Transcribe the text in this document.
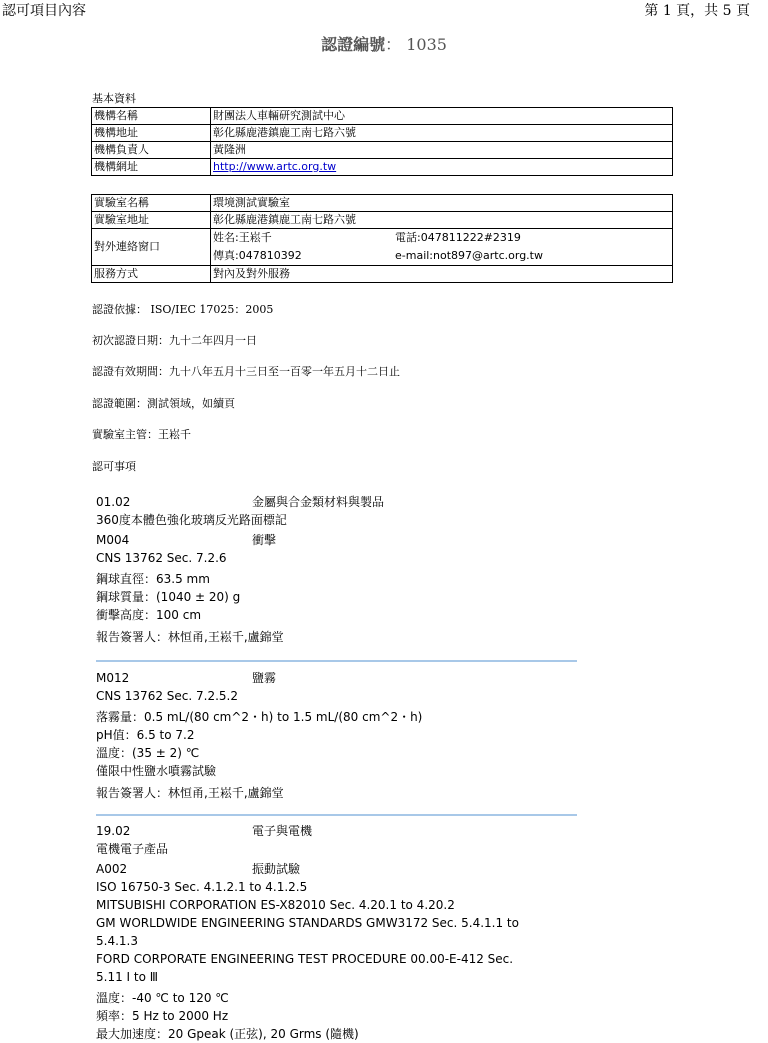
認可項目內容	第 1 頁，共 5 頁
認證編號： 1035
基本資料
機構名稱	財團法人車輛研究測試中心
機構地址	彰化縣鹿港鎮鹿工南七路六號
機構負責人	黃隆洲
機構網址	http://www.artc.org.tw
實驗室名稱	環境測試實驗室
實驗室地址	彰化縣鹿港鎮鹿工南七路六號
對外連絡窗口	姓名:王崧千 電話:047811222#2319
傳真:047810392 e-mail:not897@artc.org.tw

服務方式	對內及對外服務
認證依據： ISO/IEC 17025：2005
初次認證日期：九十二年四月一日
認證有效期間：九十八年五月十三日至一百零一年五月十二日止
認證範圍：測試領域，如續頁
實驗室主管：王崧千
認可事項
01.02	金屬與合金類材料與製品
360度本體色強化玻璃反光路面標記
M004	衝擊
CNS 13762 Sec. 7.2.6
鋼球直徑：63.5 mm
鋼球質量：(1040 ± 20) g
衝擊高度：100 cm
報告簽署人：林恒甬,王崧千,盧錦堂
M012	鹽霧
CNS 13762 Sec. 7.2.5.2
落霧量：0.5 mL/(80 cm^2・h) to 1.5 mL/(80 cm^2・h)
pH值：6.5 to 7.2
溫度：(35 ± 2) ℃
僅限中性鹽水噴霧試驗
報告簽署人：林恒甬,王崧千,盧錦堂
19.02	電子與電機
電機電子產品
A002	振動試驗
ISO 16750-3 Sec. 4.1.2.1 to 4.1.2.5
MITSUBISHI CORPORATION ES-X82010 Sec. 4.20.1 to 4.20.2
GM WORLDWIDE ENGINEERING STANDARDS GMW3172 Sec. 5.4.1.1 to
5.4.1.3
FORD CORPORATE ENGINEERING TEST PROCEDURE 00.00-E-412 Sec.
5.11 I to Ⅲ
溫度：-40 ℃ to 120 ℃
頻率：5 Hz to 2000 Hz
最大加速度：20 Gpeak (正弦), 20 Grms (隨機)
